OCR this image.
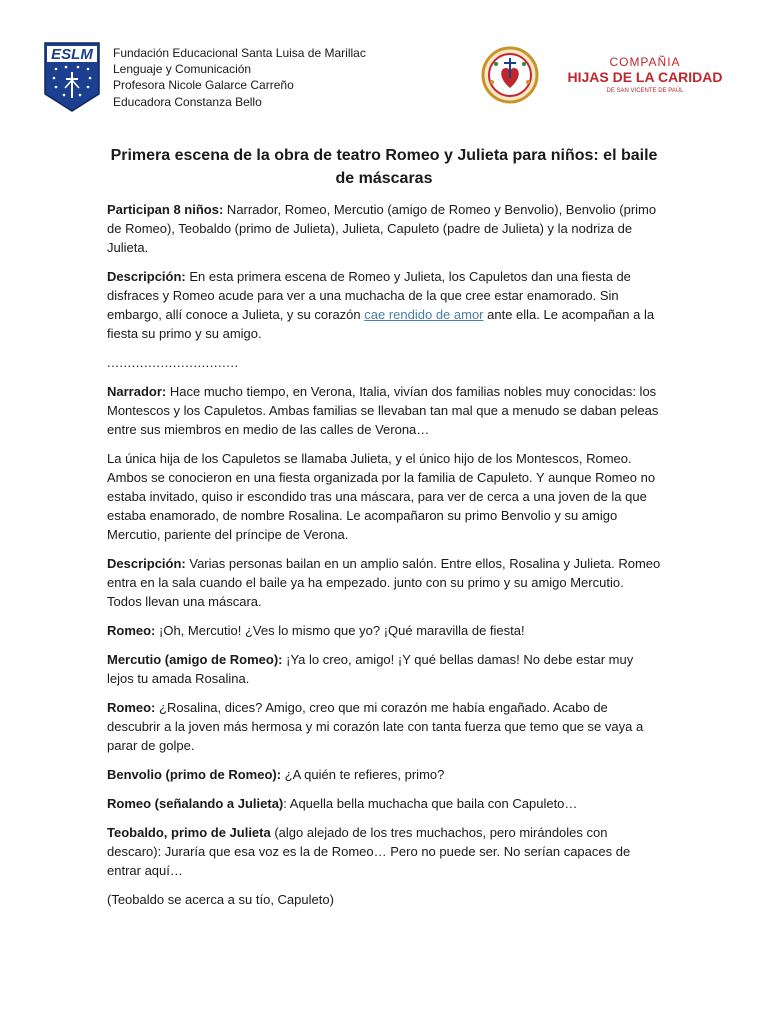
ESLM Fundación Educacional Santa Luisa de Marillac
Lenguaje y Comunicación
Profesora Nicole Galarce Carreño
Educadora Constanza Bello
COMPAÑIA
HIJAS DE LA CARIDAD
DE SAN VICENTE DE PAÚL
Primera escena de la obra de teatro Romeo y Julieta para niños: el baile de máscaras

Participan 8 niños: Narrador, Romeo, Mercutio (amigo de Romeo y Benvolio), Benvolio (primo de Romeo), Teobaldo (primo de Julieta), Julieta, Capuleto (padre de Julieta) y la nodriza de Julieta.

Descripción: En esta primera escena de Romeo y Julieta, los Capuletos dan una fiesta de disfraces y Romeo acude para ver a una muchacha de la que cree estar enamorado. Sin embargo, allí conoce a Julieta, y su corazón cae rendido de amor ante ella. Le acompañan a la fiesta su primo y su amigo.

................................

Narrador: Hace mucho tiempo, en Verona, Italia, vivían dos familias nobles muy conocidas: los Montescos y los Capuletos. Ambas familias se llevaban tan mal que a menudo se daban peleas entre sus miembros en medio de las calles de Verona…

La única hija de los Capuletos se llamaba Julieta, y el único hijo de los Montescos, Romeo. Ambos se conocieron en una fiesta organizada por la familia de Capuleto. Y aunque Romeo no estaba invitado, quiso ir escondido tras una máscara, para ver de cerca a una joven de la que estaba enamorado, de nombre Rosalina. Le acompañaron su primo Benvolio y su amigo Mercutio, pariente del príncipe de Verona.

Descripción: Varias personas bailan en un amplio salón. Entre ellos, Rosalina y Julieta. Romeo entra en la sala cuando el baile ya ha empezado. junto con su primo y su amigo Mercutio. Todos llevan una máscara.

Romeo: ¡Oh, Mercutio! ¿Ves lo mismo que yo? ¡Qué maravilla de fiesta!

Mercutio (amigo de Romeo): ¡Ya lo creo, amigo! ¡Y qué bellas damas! No debe estar muy lejos tu amada Rosalina.

Romeo: ¿Rosalina, dices? Amigo, creo que mi corazón me había engañado. Acabo de descubrir a la joven más hermosa y mi corazón late con tanta fuerza que temo que se vaya a parar de golpe.

Benvolio (primo de Romeo): ¿A quién te refieres, primo?

Romeo (señalando a Julieta): Aquella bella muchacha que baila con Capuleto…

Teobaldo, primo de Julieta (algo alejado de los tres muchachos, pero mirándoles con descaro): Juraría que esa voz es la de Romeo… Pero no puede ser. No serían capaces de entrar aquí…

(Teobaldo se acerca a su tío, Capuleto)
